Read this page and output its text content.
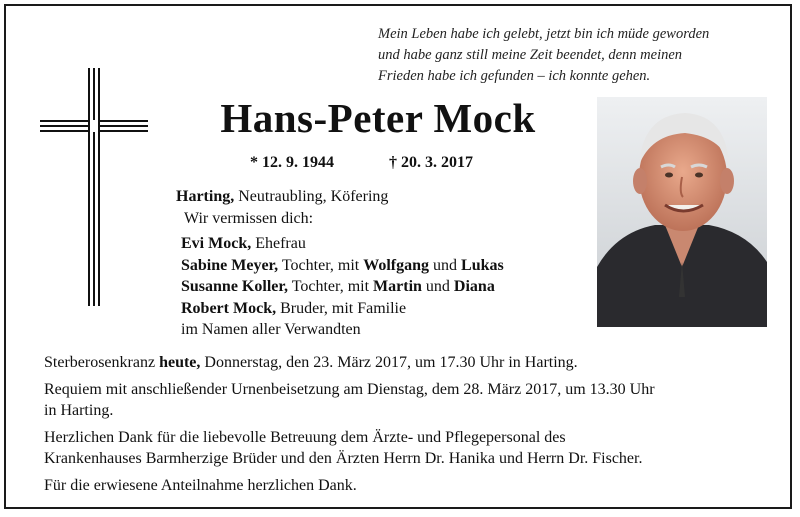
Mein Leben habe ich gelebt, jetzt bin ich müde geworden
und habe ganz still meine Zeit beendet, denn meinen
Frieden habe ich gefunden – ich konnte gehen.
Hans-Peter Mock
* 12. 9. 1944	† 20. 3. 2017
Harting, Neutraubling, Köfering
Wir vermissen dich:
Evi Mock, Ehefrau
Sabine Meyer, Tochter, mit Wolfgang und Lukas
Susanne Koller, Tochter, mit Martin und Diana
Robert Mock, Bruder, mit Familie
im Namen aller Verwandten

Sterberosenkranz heute, Donnerstag, den 23. März 2017, um 17.30 Uhr in Harting.

Requiem mit anschließender Urnenbeisetzung am Dienstag, dem 28. März 2017, um 13.30 Uhr
in Harting.

Herzlichen Dank für die liebevolle Betreuung dem Ärzte- und Pflegepersonal des
Krankenhauses Barmherzige Brüder und den Ärzten Herrn Dr. Hanika und Herrn Dr. Fischer.

Für die erwiesene Anteilnahme herzlichen Dank.
